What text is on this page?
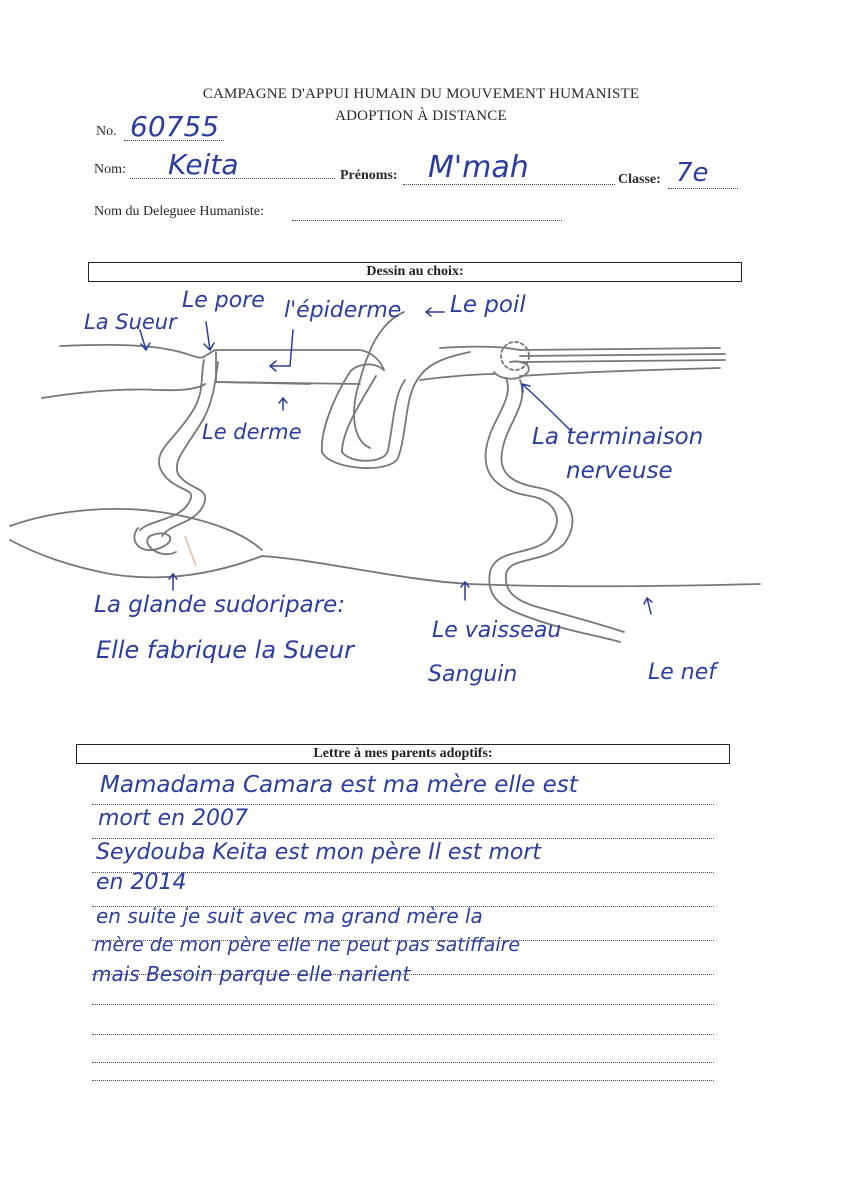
CAMPAGNE D'APPUI HUMAIN DU MOUVEMENT HUMANISTE
ADOPTION À DISTANCE
No. 60755
Nom: Keita	Prénoms: M'mah	Classe: 7e
Nom du Deleguee Humaniste:
Dessin au choix:
La Sueur
Le pore l'épiderme Le poil
Le derme	La terminaison
nerveuse
La glande sudoripare:
Elle fabrique la Sueur
Le vaisseau
Sanguin	Le nef
Lettre à mes parents adoptifs:
Mamadama Camara est ma mère elle est
mort en 2007
Seydouba Keita est mon père Il est mort
en 2014
en suite je suit avec ma grand mère la
mère de mon père elle ne peut pas satiffaire
mais Besoin parque elle narient
